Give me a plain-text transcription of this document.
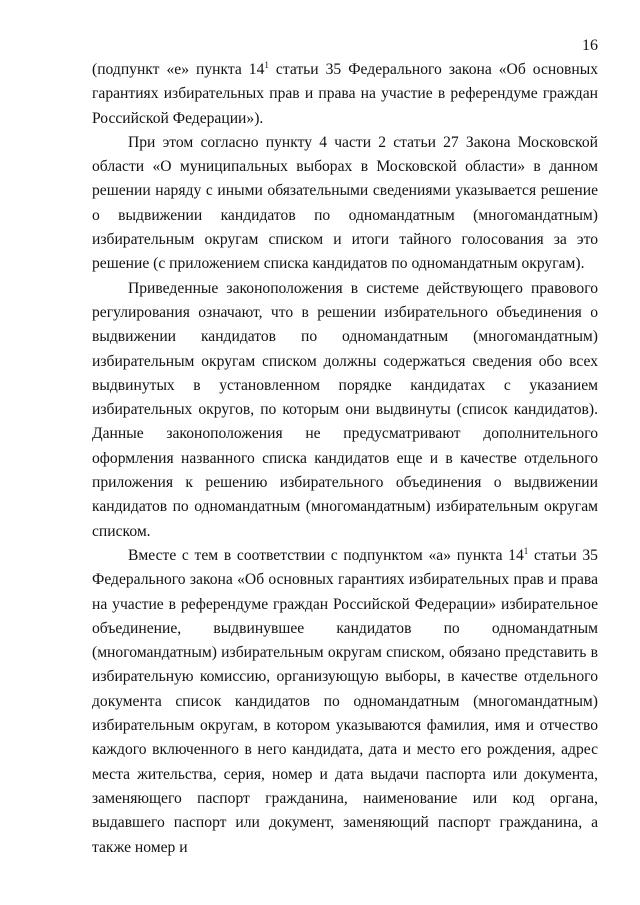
16

(подпункт «е» пункта $14^1$ статьи 35 Федерального закона «Об основных гарантиях избирательных прав и права на участие в референдуме граждан Российской Федерации»).

При этом согласно пункту 4 части 2 статьи 27 Закона Московской области «О муниципальных выборах в Московской области» в данном решении наряду с иными обязательными сведениями указывается решение о выдвижении кандидатов по одномандатным (многомандатным) избирательным округам списком и итоги тайного голосования за это решение (с приложением списка кандидатов по одномандатным округам).

Приведенные законоположения в системе действующего правового регулирования означают, что в решении избирательного объединения о выдвижении кандидатов по одномандатным (многомандатным) избирательным округам списком должны содержаться сведения обо всех выдвинутых в установленном порядке кандидатах с указанием избирательных округов, по которым они выдвинуты (список кандидатов). Данные законоположения не предусматривают дополнительного оформления названного списка кандидатов еще и в качестве отдельного приложения к решению избирательного объединения о выдвижении кандидатов по одномандатным (многомандатным) избирательным округам списком.

Вместе с тем в соответствии с подпунктом «а» пункта $14^1$ статьи 35 Федерального закона «Об основных гарантиях избирательных прав и права на участие в референдуме граждан Российской Федерации» избирательное объединение, выдвинувшее кандидатов по одномандатным (многомандатным) избирательным округам списком, обязано представить в избирательную комиссию, организующую выборы, в качестве отдельного документа список кандидатов по одномандатным (многомандатным) избирательным округам, в котором указываются фамилия, имя и отчество каждого включенного в него кандидата, дата и место его рождения, адрес места жительства, серия, номер и дата выдачи паспорта или документа, заменяющего паспорт гражданина, наименование или код органа, выдавшего паспорт или документ, заменяющий паспорт гражданина, а также номер и
